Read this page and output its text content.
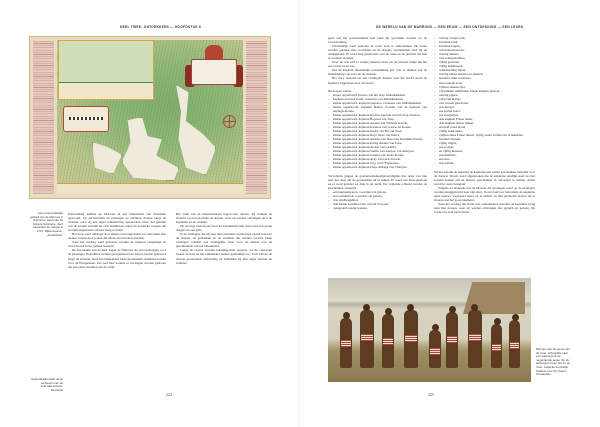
DEEL TWEE: ONTDEKKERS — HOOFDSTUK 6
Het oorspronkelijke gebied van de Marrons in Suriname: kaart van de kolonie Suriname, door Alexander de Lavaux in 1737. Rijksmuseum, Amsterdam.

Eeuwenlang hebben de Marrons in het binnenland van Suriname gewoond. Zij ontvluchtten de plantages en stichtten dorpen langs de rivieren, waar zij een eigen samenleving opbouwden. Door het gebruik van de bossen konden zij zich handhaven tegen de koloniale troepen die werden uitgestuurd om hen terug te halen.

Het dorp werd omringd door akkers en kostgronden, en verbonden met andere dorpen door paden die alleen de bewoners kenden.

Toen het verdrag werd gesloten, werden de grenzen vastgelegd en werd de rust in het gebied hersteld.

De kolonisten aan de kust zagen de Marrons als een bedreiging voor de plantages. Expedities werden georganiseerd en forten werden gebouwd langs de rivieren, maar het binnenland bleef grotendeels onbekend terrein voor de Europeanen. Pas veel later zouden er verdragen worden gesloten die een einde maakten aan de strijd.

Het werk van de missionarissen begon kort daarna. Zij trokken de rivieren op en bezochten de dorpen, waar zij werden ontvangen door de kapiteins en de oudsten.

Op een dag vertrok een boot uit Paramaribo met aan boord een groep dragers en een gids.

In de verslagen die zij naar huis stuurden, beschreven zij het leven in de dorpen, de gebruiken en de verhalen die werden verteld. Deze verslagen vormen een belangrijke bron voor de kennis van de geschiedenis van het binnenland.

Langs de oevers werden handelsposten opgezet, en de contacten tussen de kust en het binnenland namen geleidelijk toe. Toch bleven de dorpen grotendeels zelfstandig en behielden zij hun eigen bestuur en tradities.

Gebruikelijke kaart uit de archieven van de koloniale kolonie, Suriname
224
DE WERELD VAN DE MARRONS — EEN EEUW — EEN ONTDEKKING — EEN LEVEN

gaan wat het gouvernement had laten bij gevonden worden tot de voorbereiding.

Uiteindelijk werd besloten de tocht toch te ondernemen. De boten werden geladen met voorraden en de dragers verzamelden zich bij de aanlegplaats. Er werd lang gesproken over de route en de gevaren die hen te wachten stonden.

Over de reis zelf is weinig bekend, maar uit de brieven blijkt dat het een zware tocht was.

Dat de kapitein uiteindelijk toestemming gaf, was te danken aan de bemiddeling van een van de oudsten.

Het dorp bestond uit een twintigtal huizen. Aan het hoofd stond de kapitein, bijgestaan door de basja's.

De dorpen waren:

– Kaper opperhoofd Toeboe van het dorp Ambrikiekasie,
– kapitein en basja Gaim, eveneens van Ambrikiekasie,
– kleine opperhoofd, kapitein Jaapatoe, eveneens van Ambrikiekasie,
– kleine opperhoofd, kapitein Bailoe, broeder van de kapitein van Andugu-Konde,
– kleine opperhoofd, kapitein Kwassi Agossie van het dorp Cheuwe,
– kleine opperhoofd, kapitein Bopaasi van Toea,
– kleine opperhoofd, kapitein Aquine van Tabbetje Konde,
– kleine opperhoofd, kapitein Kwakoe van Gaaloe Ai Konde,
– kleine opperhoofd, kapitein Kathy van Bij van Toea,
– kleine opperhoofd, kapitein Kojo Wese van Warra,
– kleine opperhoofd, kapitein Andrias van Nasa van Kwamma Konde,
– kleine opperhoofd, kapitein Kathy Albetie van Toea,
– kleine opperhoofd, kapitein Andrie van Castilla,
– kleine opperhoofd, kapitein Sambo van Aanpoe van Ameyaw,
– kleine opperhoofd, kapitein Gandoe van Gedo Konde,
– kleine opperhoofd, kapitein Avey van Gedo Konde,
– kleine opperhoofd, kapitein Jaay van L'Esperance,
– kleine opperhoofd, kapitein Piepa Adhege van Chingwe.

Vervolgens gingen de gouvernementsafgevaardigden met ieder van hen naar het dorp om de geschenken uit te reiken. Er werd een feest gegeven en er werd gedanst tot diep in de nacht. De volgende ochtend werden de geschenken verdeeld:

– een kapiteinsjapon, voorzien van galons,
– een wandelstok, voorzien van galons,
– drie geldbeugeltjes,
– drie kleine kommen bont van elk 25 pond,
– oplegpand zonder kousen.
– twintig vaatjes rum,
– kwintaal kruit,
– kwintaal kogels,
– acht kabbeltouwen,
– twintig dekens,
– vier scheepskoffers,
– vijftig geweren,
– vijftig kapmessen,
– achtentwintig bijlen,
– twintig kleine messen en sabelen,
– honderd stuks zoutvlees,
– een tonnetje zout,
– vijftien zakken rijst,
– vijf pakken snuiftabak. Plasja kruiken jenever,
– twintig pijpen,
– vijf pond kralen,
– vier bossen ijzerdraad,
– een spiegel,
– zes potten boter,
– zes spiegeltjes,
– drie stukken Friese laken,
– drie stukken blauw linnen,
– een half pond draad,
– vijftig zakdoeken,
– vijftien stuks Friese linnen, vijftig ander stoffen om te bekleden,
– honderd mutsen,
– vijftig ringen,
– een ponsje,
– en vijftig kussens,
– een helmbus,
– een mes,
– een wabibi.

Verder schonk de regering de kapiteins een aantal geschenken bestemd voor de dorpen. Tevens werd afgesproken dat de kapiteins jaarlijks naar de stad zouden komen om de nieuwe geschenken in ontvangst te nemen. Aldus werd de vrede bezegeld.

Volgens de afspraak zou de Marron die gevangen werd op de plantages worden teruggebracht naar zijn dorp. In ruil daarvoor beloofden de kapiteins geen nieuwe weglopers meer op te nemen en alle gevluchte slaven uit te leveren aan het gouvernement.

Toen het verdrag ten slotte was ondertekend, keerden de kapiteins terug naar hun dorpen, waar zij werden ontvangen met gejuich en gezang. De vrede zou vele jaren duren.

Marrons aan de oever van de rivier. Lithografie naar een tekening uit de negentiende eeuw. Op de achtergrond een hut en de rivier. Collectie Koninklijk Instituut voor de Tropen, Amsterdam.
225
